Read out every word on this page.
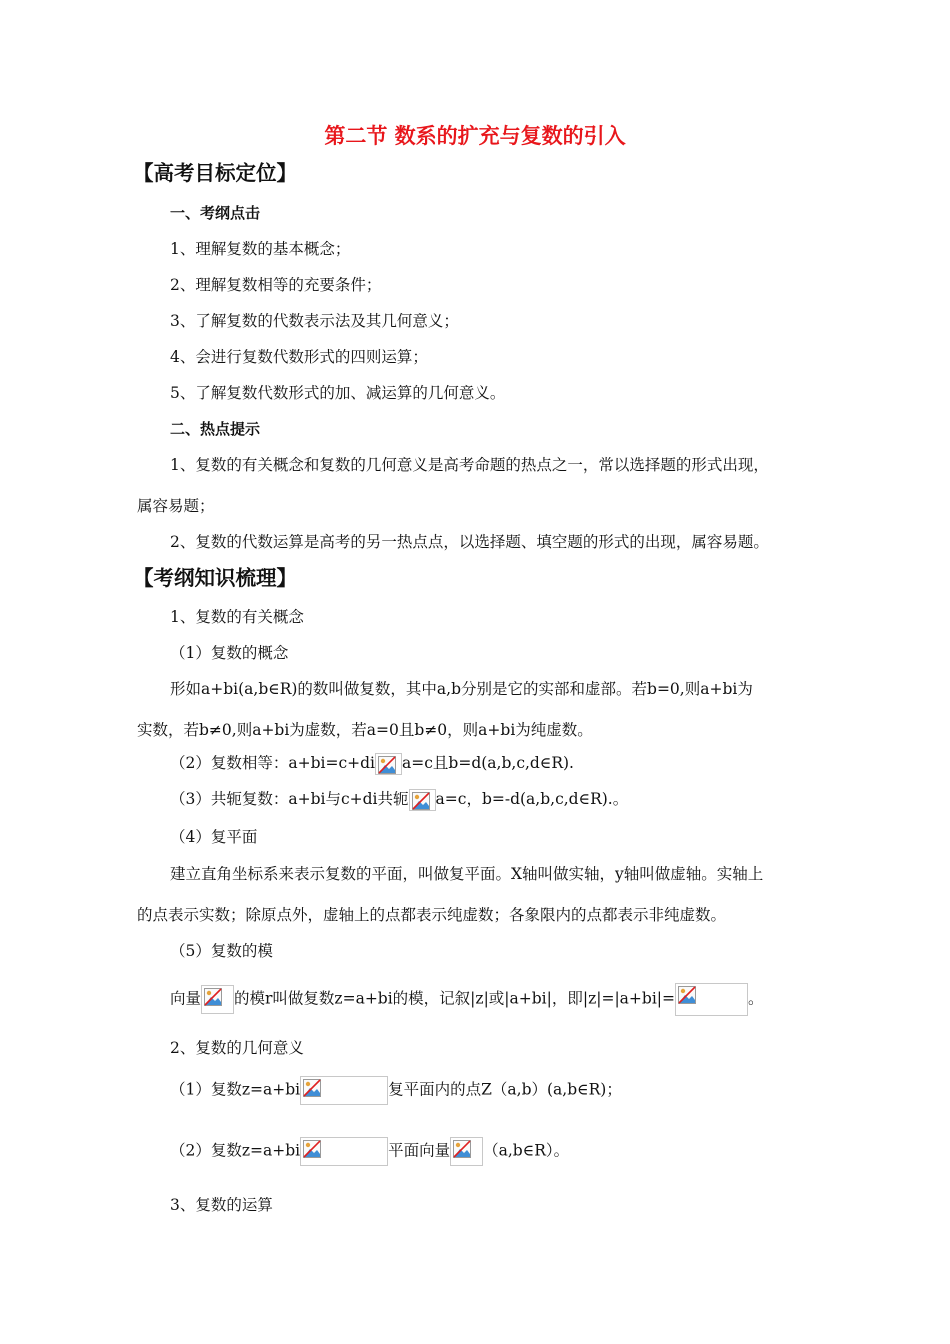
第二节 数系的扩充与复数的引入
【高考目标定位】
一、考纲点击
1、理解复数的基本概念；
2、理解复数相等的充要条件；
3、了解复数的代数表示法及其几何意义；
4、会进行复数代数形式的四则运算；
5、了解复数代数形式的加、减运算的几何意义。
二、热点提示
1、复数的有关概念和复数的几何意义是高考命题的热点之一，常以选择题的形式出现，
属容易题；
2、复数的代数运算是高考的另一热点点，以选择题、填空题的形式的出现，属容易题。
【考纲知识梳理】
1、复数的有关概念
（1）复数的概念
形如a+bi(a,b∈R)的数叫做复数，其中a,b分别是它的实部和虚部。若b=0,则a+bi为
实数，若b≠0,则a+bi为虚数，若a=0且b≠0，则a+bi为纯虚数。
（2）复数相等：a+bi=c+di a=c且b=d(a,b,c,d∈R).
（3）共轭复数：a+bi与c+di共轭 a=c，b=-d(a,b,c,d∈R).。
（4）复平面
建立直角坐标系来表示复数的平面，叫做复平面。X轴叫做实轴，y轴叫做虚轴。实轴上
的点表示实数；除原点外，虚轴上的点都表示纯虚数；各象限内的点都表示非纯虚数。
（5）复数的模
向量 的模r叫做复数z=a+bi的模，记叙|z|或|a+bi|，即|z|=|a+bi|=	。
2、复数的几何意义
（1）复数z=a+bi	复平面内的点Z（a,b）(a,b∈R)；
（2）复数z=a+bi	平面向量 （a,b∈R）。
3、复数的运算
